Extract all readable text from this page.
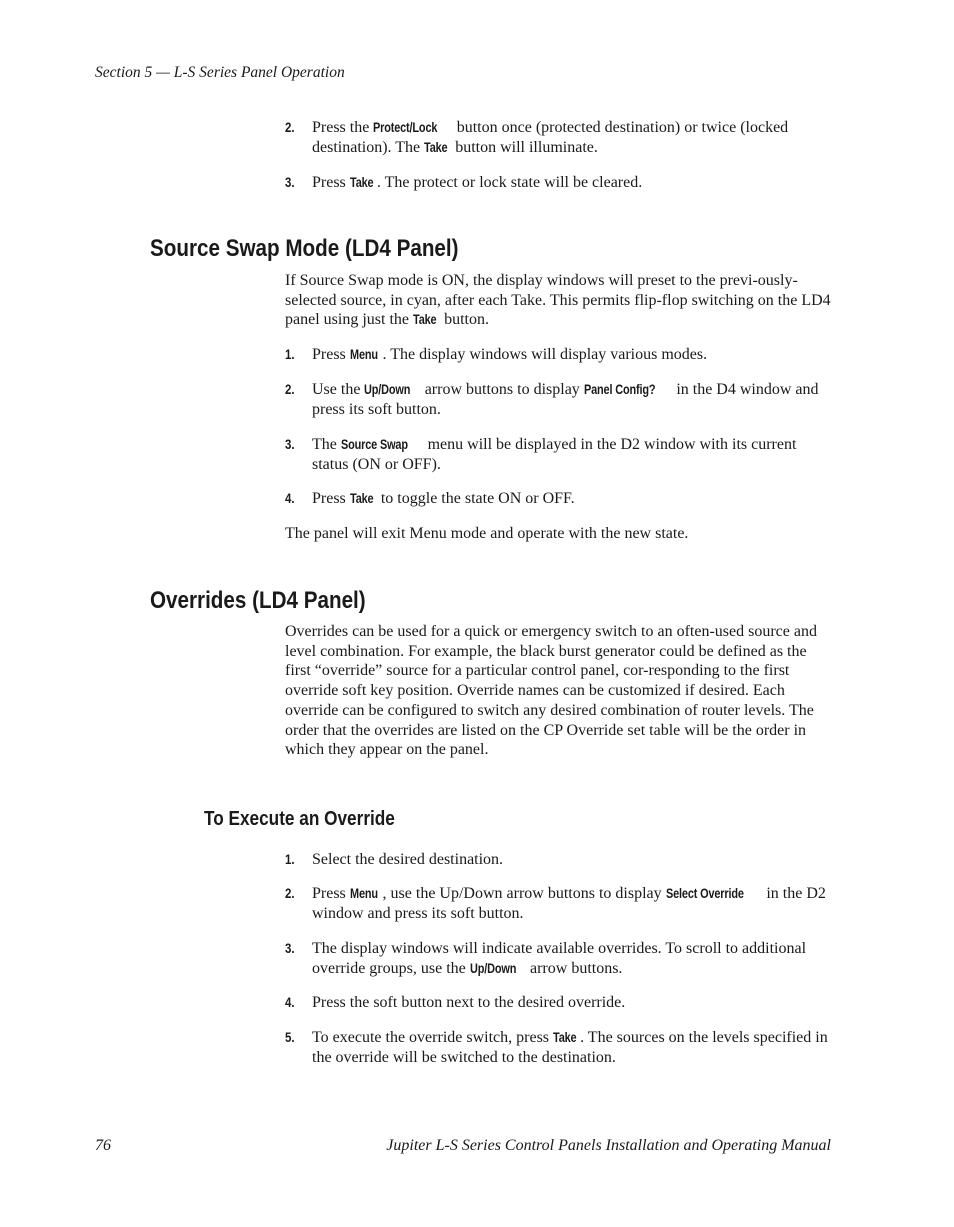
Section 5 — L-S Series Panel Operation
2. Press the Protect/Lock button once (protected destination) or twice (locked destination). The Take button will illuminate.
3. Press Take . The protect or lock state will be cleared.
Source Swap Mode (LD4 Panel)
If Source Swap mode is ON, the display windows will preset to the previ-ously-selected source, in cyan, after each Take. This permits flip-flop switching on the LD4 panel using just the Take button.
1. Press Menu . The display windows will display various modes.
2. Use the Up/Down arrow buttons to display Panel Config? in the D4 window and press its soft button.
3. The Source Swap menu will be displayed in the D2 window with its current status (ON or OFF).
4. Press Take to toggle the state ON or OFF.
The panel will exit Menu mode and operate with the new state.
Overrides (LD4 Panel)
Overrides can be used for a quick or emergency switch to an often-used source and level combination. For example, the black burst generator could be defined as the first “override” source for a particular control panel, cor-responding to the first override soft key position. Override names can be customized if desired. Each override can be configured to switch any desired combination of router levels. The order that the overrides are listed on the CP Override set table will be the order in which they appear on the panel.
To Execute an Override
1. Select the desired destination.
2. Press Menu , use the Up/Down arrow buttons to display Select Override in the D2 window and press its soft button.
3. The display windows will indicate available overrides. To scroll to additional override groups, use the Up/Down arrow buttons.
4. Press the soft button next to the desired override.
5. To execute the override switch, press Take . The sources on the levels specified in the override will be switched to the destination.
76	Jupiter L-S Series Control Panels Installation and Operating Manual
